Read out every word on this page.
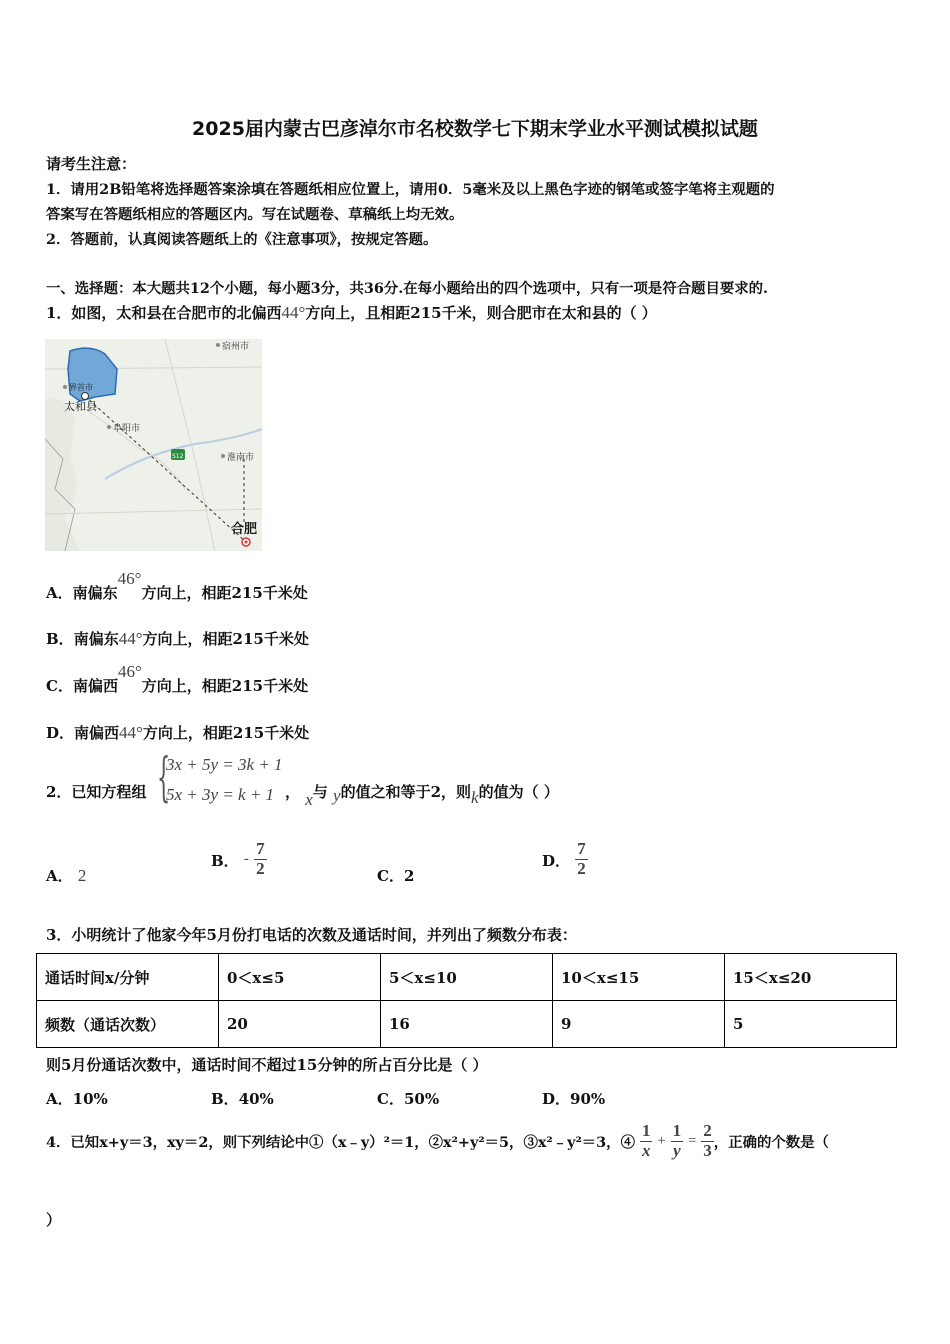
2025届内蒙古巴彦淖尔市名校数学七下期末学业水平测试模拟试题
请考生注意：
1．请用2B铅笔将选择题答案涂填在答题纸相应位置上，请用0．5毫米及以上黑色字迹的钢笔或签字笔将主观题的
答案写在答题纸相应的答题区内。写在试题卷、草稿纸上均无效。
2．答题前，认真阅读答题纸上的《注意事项》，按规定答题。
一、选择题：本大题共12个小题，每小题3分，共36分.在每小题给出的四个选项中，只有一项是符合题目要求的.
1．如图，太和县在合肥市的北偏西44°方向上，且相距215千米，则合肥市在太和县的（ ）
宿州市
界首市
太和县
阜阳市
S12	淮南市
合肥
A．南偏东46°方向上，相距215千米处
B．南偏东44°方向上，相距215千米处
C．南偏西46°方向上，相距215千米处
D．南偏西44°方向上，相距215千米处
2．已知方程组 {
3x + 5y = 3k + 1
5x + 3y = k + 1 ， x与 y的值之和等于2，则k的值为（ ）
A． 2
B． - $\frac{7}{2}$	C．2
D． $\frac{7}{2}$
3．小明统计了他家今年5月份打电话的次数及通话时间，并列出了频数分布表：
通话时间x/分钟	0＜x≤5	5＜x≤10	10＜x≤15	15＜x≤20
频数（通话次数）	20	16	9	5
则5月份通话次数中，通话时间不超过15分钟的所占百分比是（ ）
A．10%	B．40%	C．50%	D．90%
4．已知x+y＝3，xy＝2，则下列结论中①（x﹣y）²＝1，②x²+y²＝5，③x²﹣y²＝3，④ $\frac{1}{x} + \frac{1}{y} = \frac{2}{3}$ ，正确的个数是（
）
